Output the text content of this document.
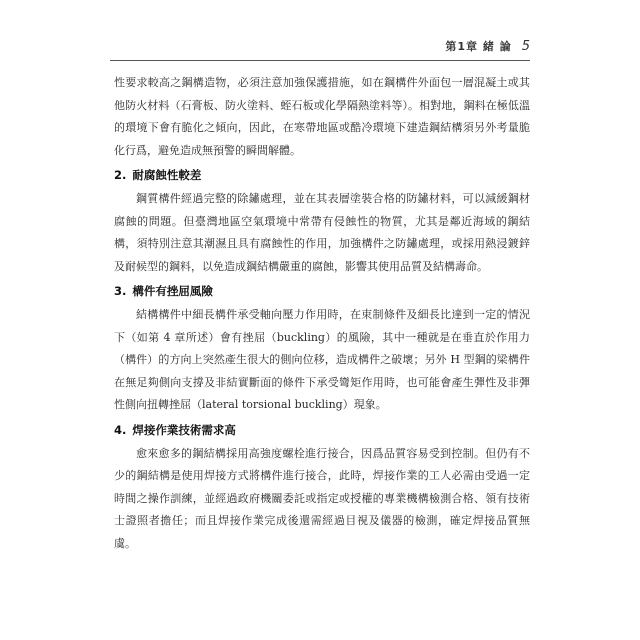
第1章 緒 論 5

性要求較高之鋼構造物，必須注意加強保護措施，如在鋼構件外面包一層混凝土或其他防火材料（石膏板、防火塗料、蛭石板或化學隔熱塗料等）。相對地，鋼料在極低溫的環境下會有脆化之傾向，因此，在寒帶地區或酷冷環境下建造鋼結構須另外考量脆化行爲，避免造成無預警的瞬間解體。

2. 耐腐蝕性較差

鋼質構件經過完整的除鏽處理，並在其表層塗裝合格的防鏽材料，可以減緩鋼材腐蝕的問題。但臺灣地區空氣環境中常帶有侵蝕性的物質，尤其是鄰近海域的鋼結構，須特別注意其潮濕且具有腐蝕性的作用，加強構件之防鏽處理，或採用熱浸鍍鋅及耐候型的鋼料，以免造成鋼結構嚴重的腐蝕，影響其使用品質及結構壽命。

3. 構件有挫屈風險

結構構件中細長構件承受軸向壓力作用時，在束制條件及細長比達到一定的情況下（如第 4 章所述）會有挫屈（buckling）的風險，其中一種就是在垂直於作用力（構件）的方向上突然產生很大的側向位移，造成構件之破壞；另外 H 型鋼的梁構件在無足夠側向支撐及非結實斷面的條件下承受彎矩作用時，也可能會產生彈性及非彈性側向扭轉挫屈（lateral torsional buckling）現象。

4. 焊接作業技術需求高

愈來愈多的鋼結構採用高強度螺栓進行接合，因爲品質容易受到控制。但仍有不少的鋼結構是使用焊接方式將構件進行接合，此時，焊接作業的工人必需由受過一定時間之操作訓練，並經過政府機關委託或指定或授權的專業機構檢測合格、領有技術士證照者擔任；而且焊接作業完成後還需經過目視及儀器的檢測，確定焊接品質無虞。
